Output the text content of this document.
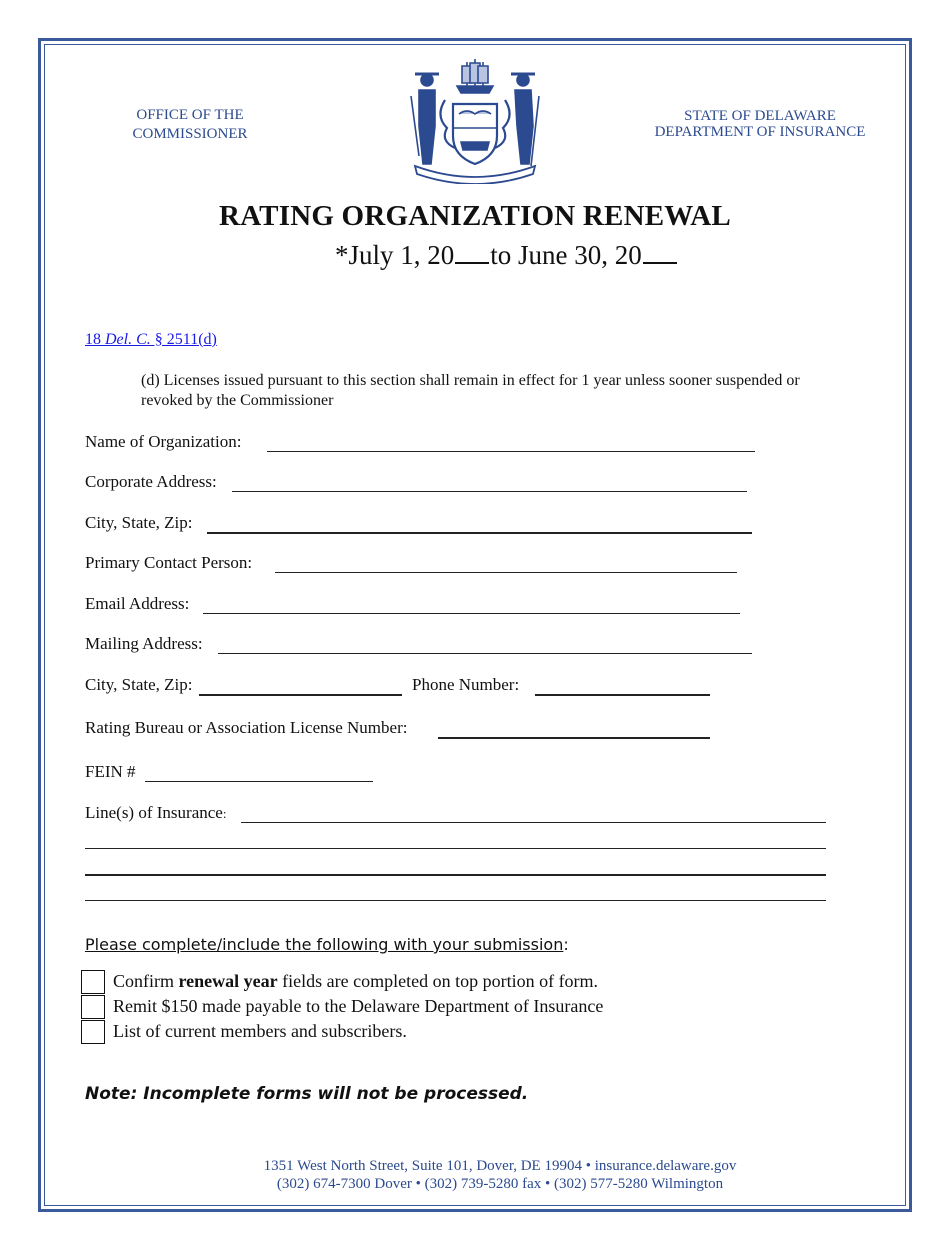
OFFICE OF THE
COMMISSIONER
STATE OF DELAWARE
DEPARTMENT OF INSURANCE
RATING ORGANIZATION RENEWAL
*July 1, 20 to June 30, 20
18 Del. C. § 2511(d)
(d) Licenses issued pursuant to this section shall remain in effect for 1 year unless sooner suspended or revoked by the Commissioner
Name of Organization:
Corporate Address:
City, State, Zip:
Primary Contact Person:
Email Address:
Mailing Address:
City, State, Zip:	Phone Number:
Rating Bureau or Association License Number:
FEIN #
Line(s) of Insurance:
Please complete/include the following with your submission:
Confirm renewal year fields are completed on top portion of form.
Remit $150 made payable to the Delaware Department of Insurance
List of current members and subscribers.
Note: Incomplete forms will not be processed.
1351 West North Street, Suite 101, Dover, DE 19904 • insurance.delaware.gov
(302) 674-7300 Dover • (302) 739-5280 fax • (302) 577-5280 Wilmington
